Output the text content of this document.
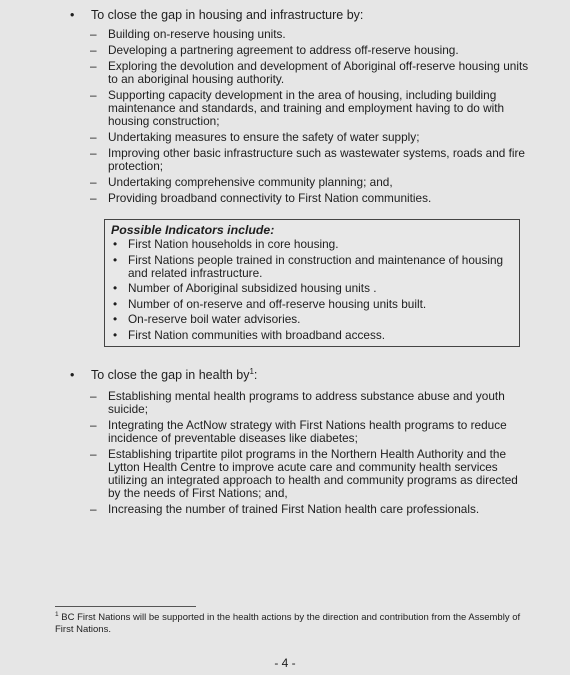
•	To close the gap in housing and infrastructure by:
– Building on-reserve housing units.
– Developing a partnering agreement to address off-reserve housing.
– Exploring the devolution and development of Aboriginal off-reserve housing units to an aboriginal housing authority.
– Supporting capacity development in the area of housing, including building maintenance and standards, and training and employment having to do with housing construction;
– Undertaking measures to ensure the safety of water supply;
– Improving other basic infrastructure such as wastewater systems, roads and fire protection;
– Undertaking comprehensive community planning; and,
– Providing broadband connectivity to First Nation communities.
Possible Indicators include:
• First Nation households in core housing.
• First Nations people trained in construction and maintenance of housing and related infrastructure.
• Number of Aboriginal subsidized housing units .
• Number of on-reserve and off-reserve housing units built.
• On-reserve boil water advisories.
• First Nation communities with broadband access.
•	To close the gap in health $by^1$:
– Establishing mental health programs to address substance abuse and youth suicide;
– Integrating the ActNow strategy with First Nations health programs to reduce incidence of preventable diseases like diabetes;
– Establishing tripartite pilot programs in the Northern Health Authority and the Lytton Health Centre to improve acute care and community health services utilizing an integrated approach to health and community programs as directed by the needs of First Nations; and,
– Increasing the number of trained First Nation health care professionals.
$^1$ BC First Nations will be supported in the health actions by the direction and contribution from the Assembly of First Nations.
- 4 -
